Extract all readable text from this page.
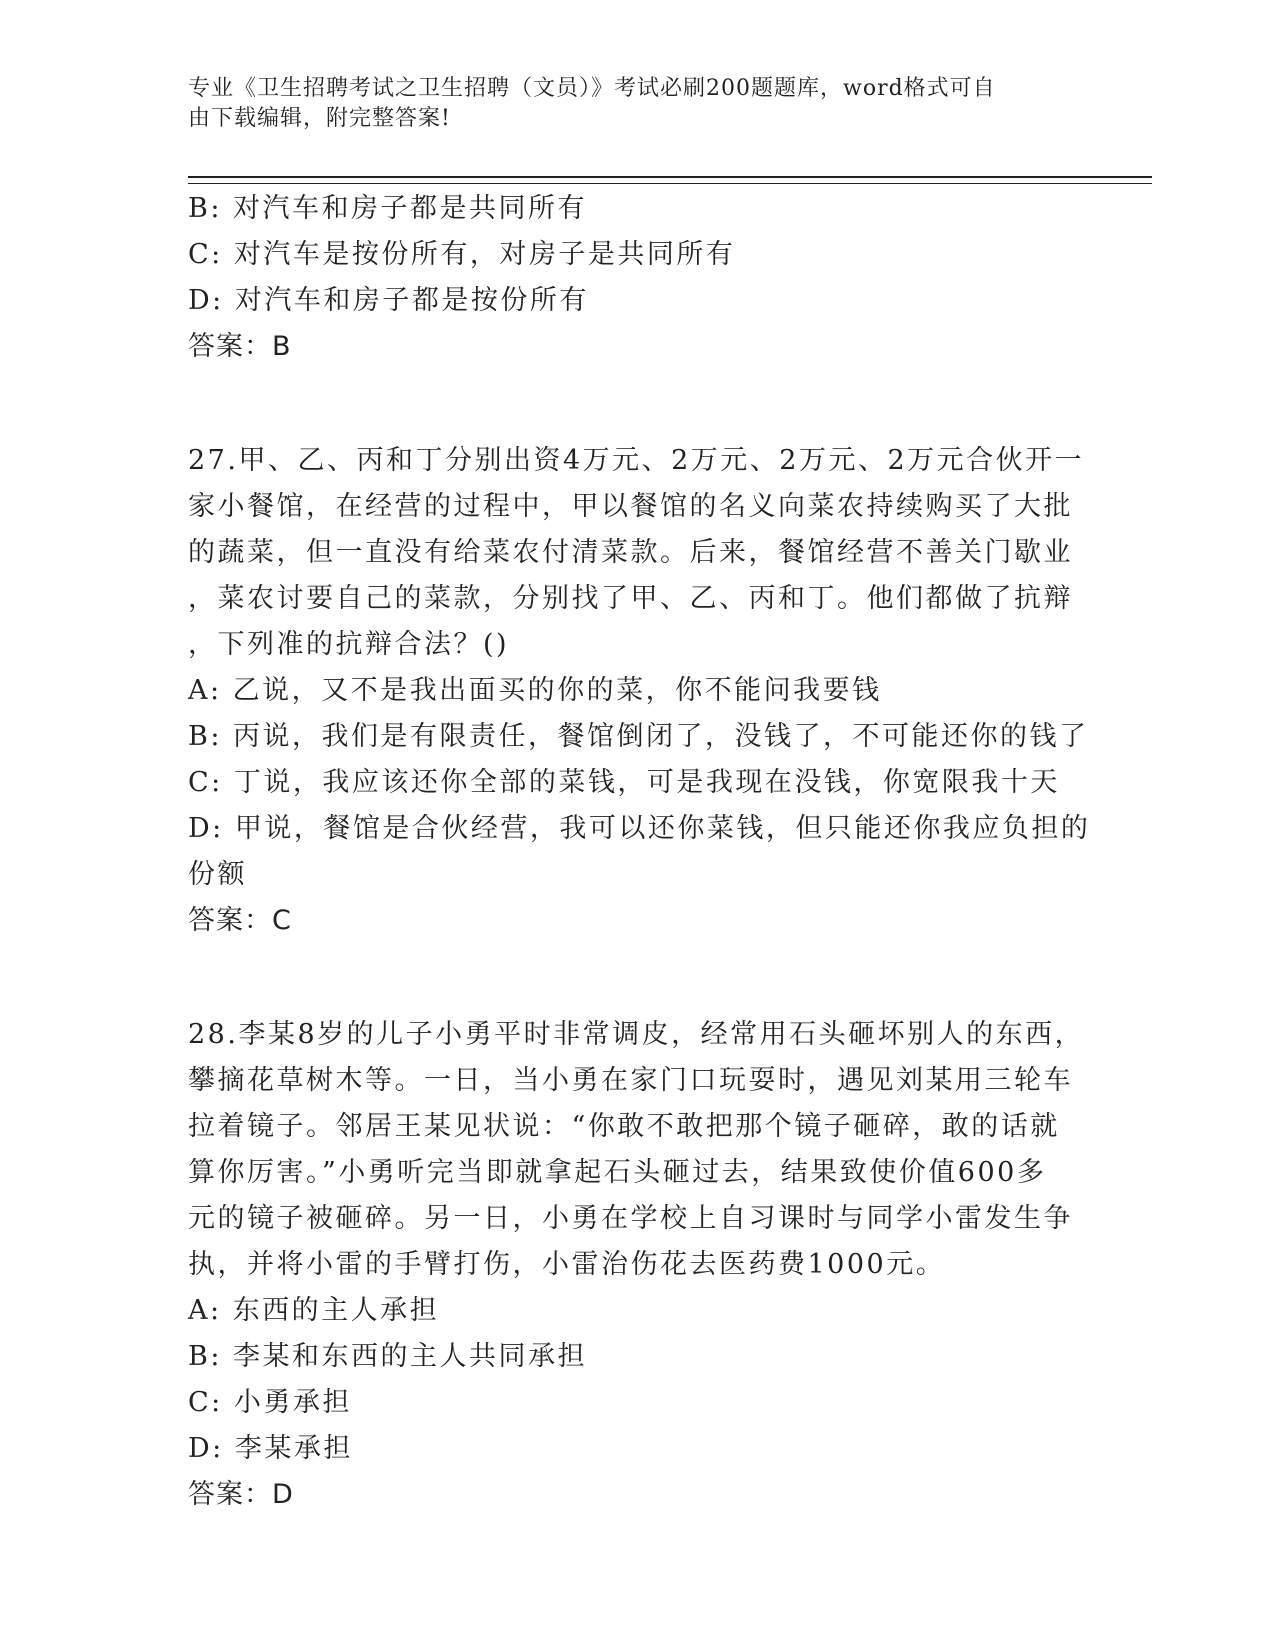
专业《卫生招聘考试之卫生招聘（文员）》考试必刷200题题库，word格式可自
由下载编辑，附完整答案!
B: 对汽车和房子都是共同所有
C: 对汽车是按份所有，对房子是共同所有
D: 对汽车和房子都是按份所有
答案：B
27.甲、乙、丙和丁分别出资4万元、2万元、2万元、2万元合伙开一
家小餐馆，在经营的过程中，甲以餐馆的名义向菜农持续购买了大批
的蔬菜，但一直没有给菜农付清菜款。后来，餐馆经营不善关门歇业
，菜农讨要自己的菜款，分别找了甲、乙、丙和丁。他们都做了抗辩
，下列准的抗辩合法？()
A: 乙说，又不是我出面买的你的菜，你不能问我要钱
B: 丙说，我们是有限责任，餐馆倒闭了，没钱了，不可能还你的钱了
C: 丁说，我应该还你全部的菜钱，可是我现在没钱，你宽限我十天
D: 甲说，餐馆是合伙经营，我可以还你菜钱，但只能还你我应负担的
份额
答案：C
28.李某8岁的儿子小勇平时非常调皮，经常用石头砸坏别人的东西，
攀摘花草树木等。一日，当小勇在家门口玩耍时，遇见刘某用三轮车
拉着镜子。邻居王某见状说：“你敢不敢把那个镜子砸碎，敢的话就
算你厉害。”小勇听完当即就拿起石头砸过去，结果致使价值600多
元的镜子被砸碎。另一日，小勇在学校上自习课时与同学小雷发生争
执，并将小雷的手臂打伤，小雷治伤花去医药费1000元。
A: 东西的主人承担
B: 李某和东西的主人共同承担
C: 小勇承担
D: 李某承担
答案：D
